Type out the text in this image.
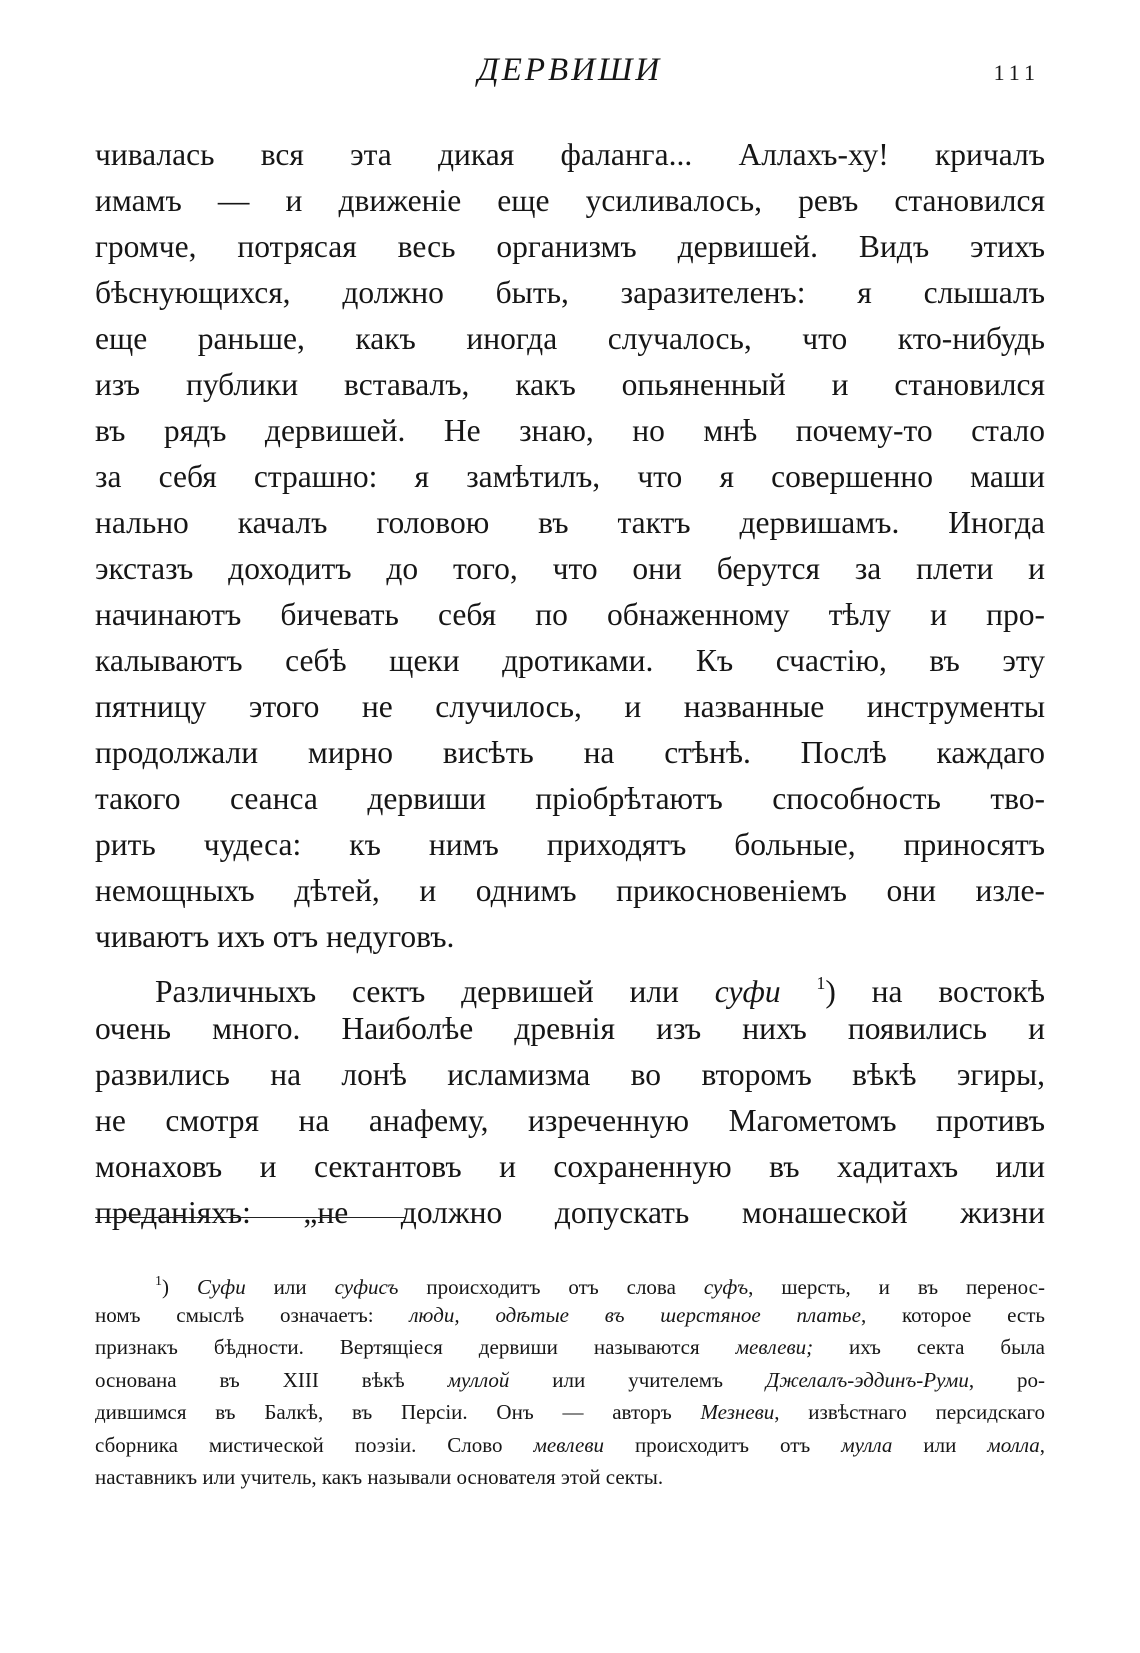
ДЕРВИШИ	111
чивалась вся эта дикая фаланга... Аллахъ-ху! кричалъ
имамъ — и движенiе еще усиливалось, ревъ становился
громче, потрясая весь организмъ дервишей. Видъ этихъ
бѣснующихся, должно быть, заразителенъ: я слышалъ
еще раньше, какъ иногда случалось, что кто-нибудь
изъ публики вставалъ, какъ опьяненный и становился
въ рядъ дервишей. Не знаю, но мнѣ почему-то стало
за себя страшно: я замѣтилъ, что я совершенно маши
нально качалъ головою въ тактъ дервишамъ. Иногда
экстазъ доходитъ до того, что они берутся за плети и
начинаютъ бичевать себя по обнаженному тѣлу и про-
калываютъ себѣ щеки дротиками. Къ счастiю, въ эту
пятницу этого не случилось, и названные инструменты
продолжали мирно висѣть на стѣнѣ. Послѣ каждаго
такого сеанса дервиши прiобрѣтаютъ способность тво-
рить чудеса: къ нимъ приходятъ больные, приносятъ
немощныхъ дѣтей, и однимъ прикосновенiемъ они изле-
чиваютъ ихъ отъ недуговъ.
Различныхъ сектъ дервишей или суфи $^1$) на востокѣ
очень много. Наиболѣе древнiя изъ нихъ появились и
развились на лонѣ исламизма во второмъ вѣкѣ эгиры,
не смотря на анафему, изреченную Магометомъ противъ
монаховъ и сектантовъ и сохраненную въ хадитахъ или
преданiяхъ: „не должно допускать монашеской жизни
$^1$) Суфи или суфисъ происходитъ отъ слова суфъ, шерсть, и въ перенос-
номъ смыслѣ означаетъ: люди, одѣтые въ шерстяное платье, которое есть
признакъ бѣдности. Вертящiеся дервиши называются мевлеви; ихъ секта была
основана въ XIII вѣкѣ муллой или учителемъ Джелалъ-эддинъ-Руми, ро-
дившимся въ Балкѣ, въ Персiи. Онъ — авторъ Мезневи, извѣстнаго персидскаго
сборника мистической поэзiи. Слово мевлеви происходитъ отъ мулла или молла,
наставникъ или учитель, какъ называли основателя этой секты.
